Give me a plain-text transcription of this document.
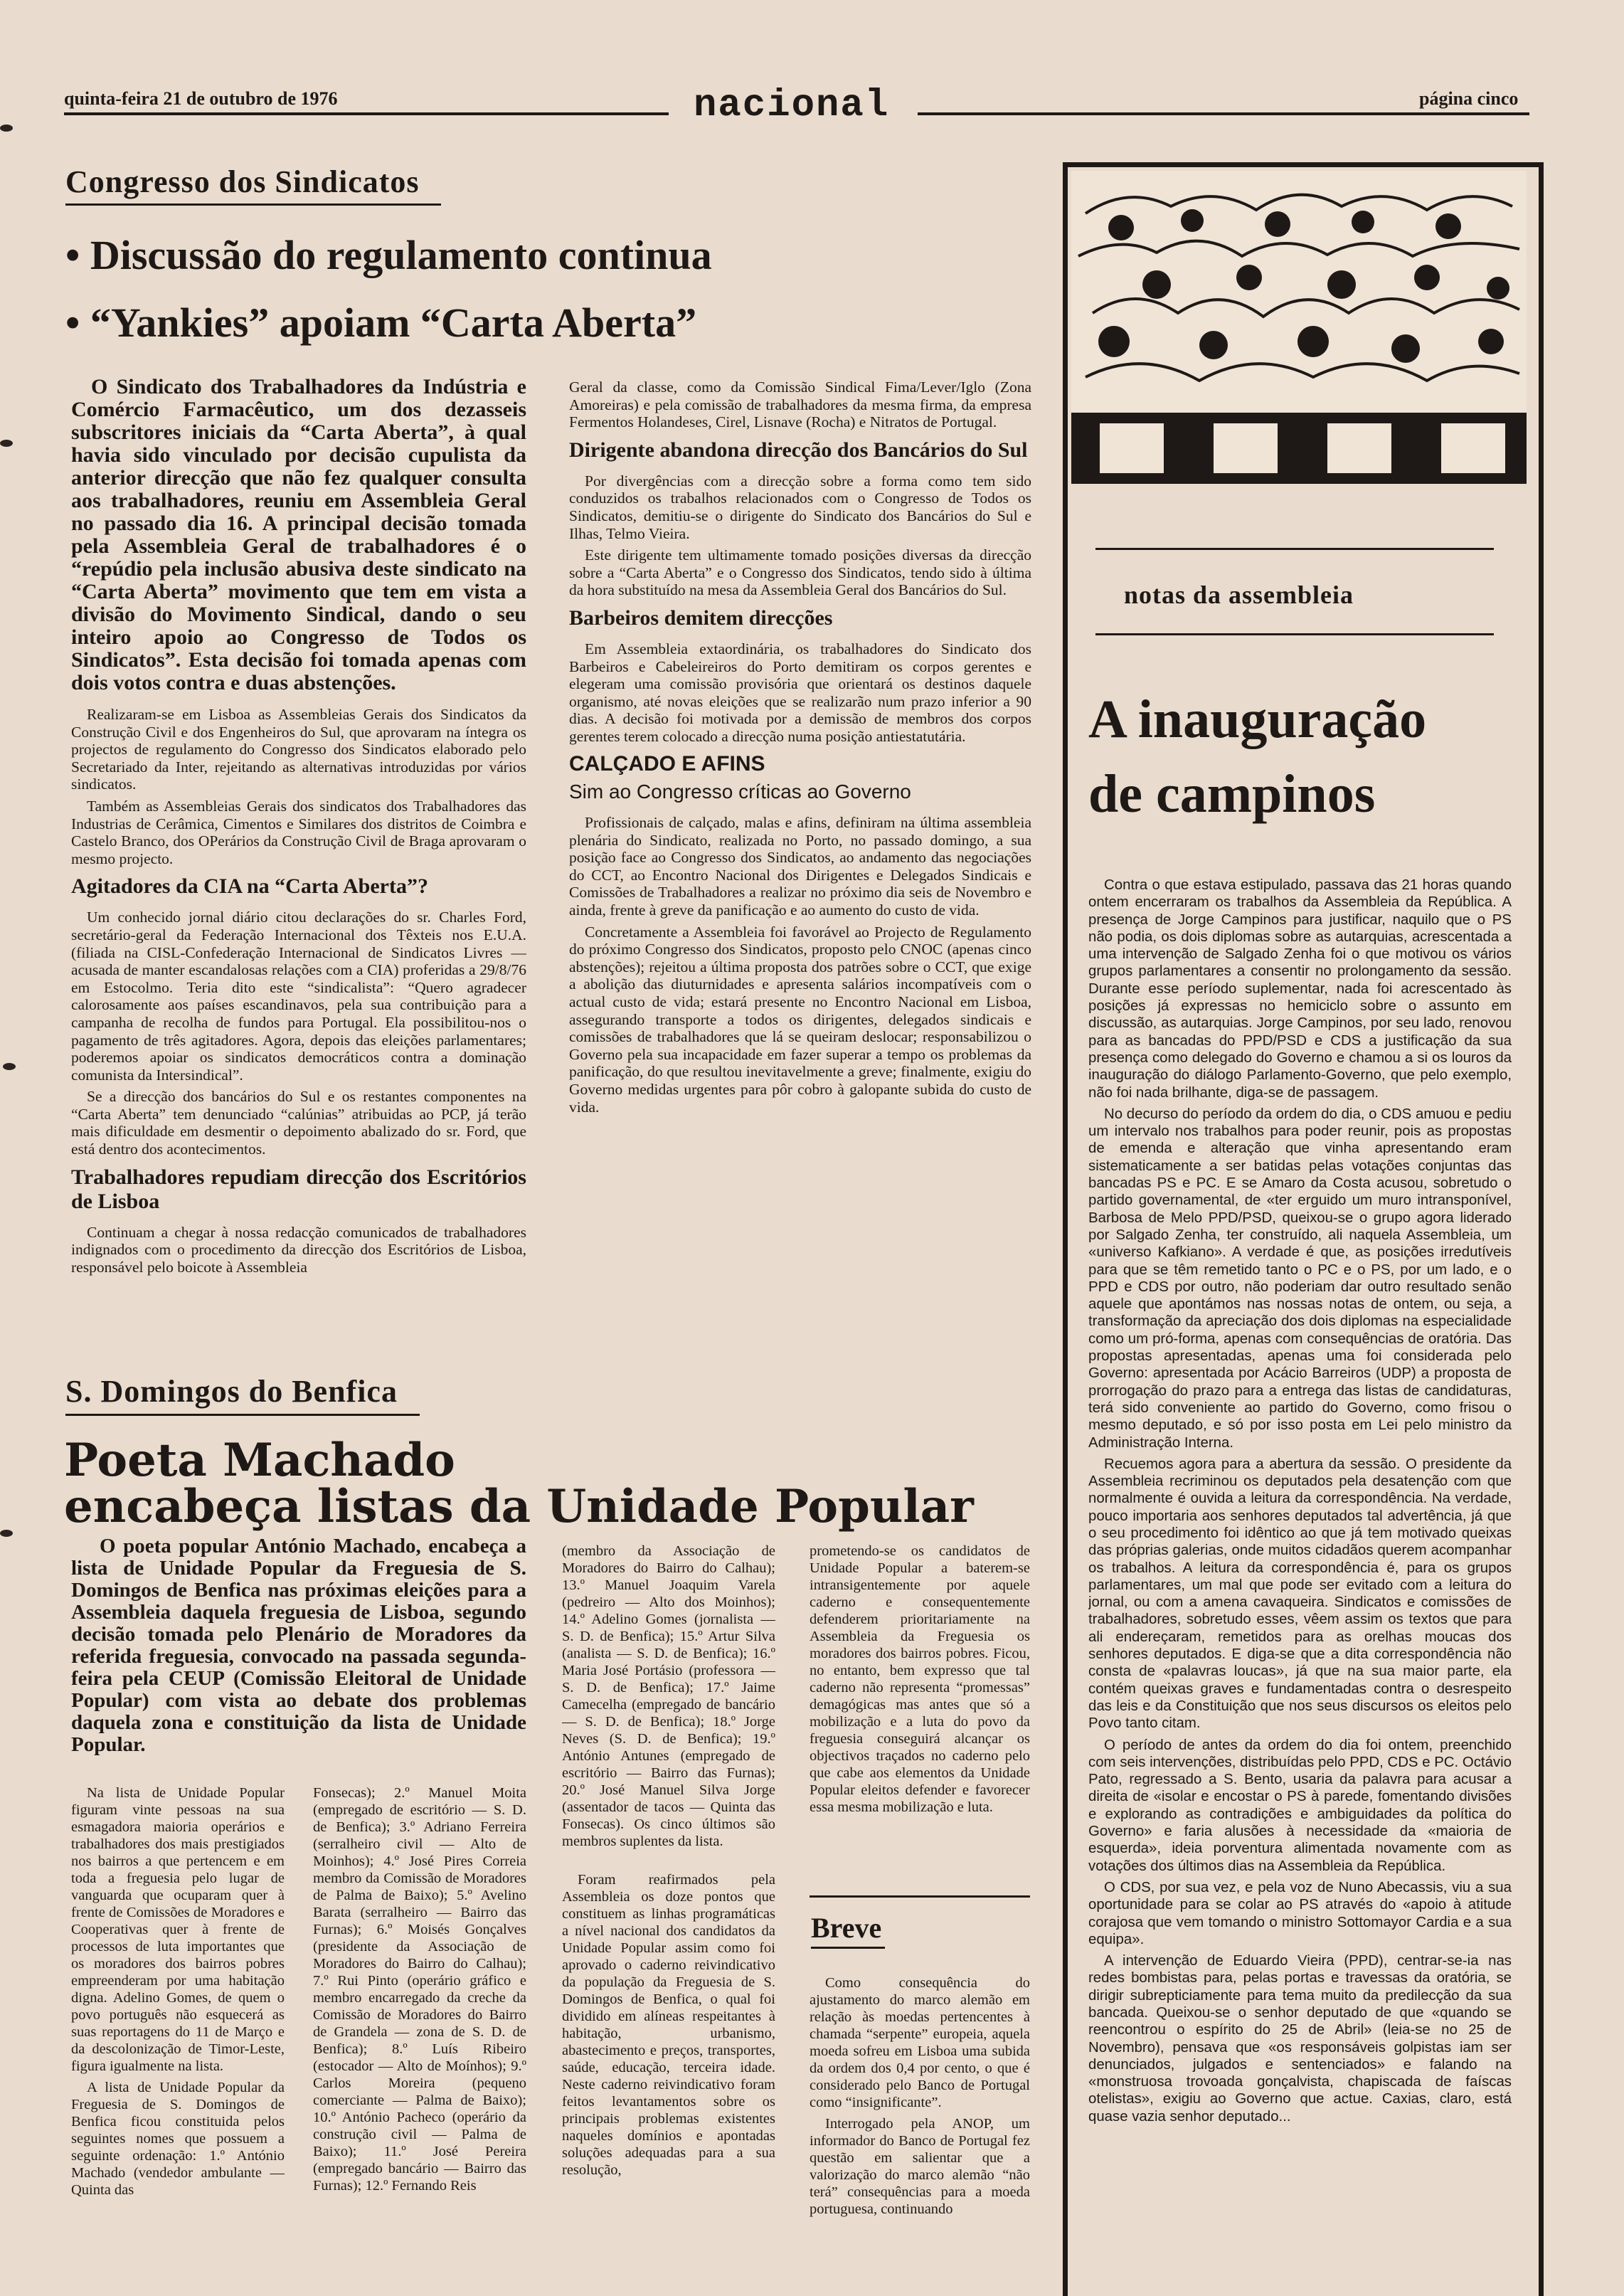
quinta-feira 21 de outubro de 1976	nacional	página cinco
Congresso dos Sindicatos
• Discussão do regulamento continua
• “Yankies” apoiam “Carta Aberta”
O Sindicato dos Trabalhadores da Indústria e Comércio Farmacêutico, um dos dezasseis subscritores iniciais da “Carta Aberta”, à qual havia sido vinculado por decisão cupulista da anterior direcção que não fez qualquer consulta aos trabalhadores, reuniu em Assembleia Geral no passado dia 16. A principal decisão tomada pela Assembleia Geral de trabalhadores é o “repúdio pela inclusão abusiva deste sindicato na “Carta Aberta” movimento que tem em vista a divisão do Movimento Sindical, dando o seu inteiro apoio ao Congresso de Todos os Sindicatos”. Esta decisão foi tomada apenas com dois votos contra e duas abstenções.

Realizaram-se em Lisboa as Assembleias Gerais dos Sindicatos da Construção Civil e dos Engenheiros do Sul, que aprovaram na íntegra os projectos de regulamento do Congresso dos Sindicatos elaborado pelo Secretariado da Inter, rejeitando as alternativas introduzidas por vários sindicatos.

Também as Assembleias Gerais dos sindicatos dos Trabalhadores das Industrias de Cerâmica, Cimentos e Similares dos distritos de Coimbra e Castelo Branco, dos OPerários da Construção Civil de Braga aprovaram o mesmo projecto.

Agitadores da CIA na “Carta Aberta”?

Um conhecido jornal diário citou declarações do sr. Charles Ford, secretário-geral da Federação Internacional dos Têxteis nos E.U.A. (filiada na CISL-Confederação Internacional de Sindicatos Livres — acusada de manter escandalosas relações com a CIA) proferidas a 29/8/76 em Estocolmo. Teria dito este “sindicalista”: “Quero agradecer calorosamente aos países escandinavos, pela sua contribuição para a campanha de recolha de fundos para Portugal. Ela possibilitou-nos o pagamento de três agitadores. Agora, depois das eleições parlamentares; poderemos apoiar os sindicatos democráticos contra a dominação comunista da Intersindical”.

Se a direcção dos bancários do Sul e os restantes componentes na “Carta Aberta” tem denunciado “calúnias” atribuidas ao PCP, já terão mais dificuldade em desmentir o depoimento abalizado do sr. Ford, que está dentro dos acontecimentos.

Trabalhadores repudiam direcção dos Escritórios de Lisboa

Continuam a chegar à nossa redacção comunicados de trabalhadores indignados com o procedimento da direcção dos Escritórios de Lisboa, responsável pelo boicote à Assembleia

Geral da classe, como da Comissão Sindical Fima/Lever/Iglo (Zona Amoreiras) e pela comissão de trabalhadores da mesma firma, da empresa Fermentos Holandeses, Cirel, Lisnave (Rocha) e Nitratos de Portugal.

Dirigente abandona direcção dos Bancários do Sul

Por divergências com a direcção sobre a forma como tem sido conduzidos os trabalhos relacionados com o Congresso de Todos os Sindicatos, demitiu-se o dirigente do Sindicato dos Bancários do Sul e Ilhas, Telmo Vieira.

Este dirigente tem ultimamente tomado posições diversas da direcção sobre a “Carta Aberta” e o Congresso dos Sindicatos, tendo sido à última da hora substituído na mesa da Assembleia Geral dos Bancários do Sul.

Barbeiros demitem direcções

Em Assembleia extaordinária, os trabalhadores do Sindicato dos Barbeiros e Cabeleireiros do Porto demitiram os corpos gerentes e elegeram uma comissão provisória que orientará os destinos daquele organismo, até novas eleições que se realizarão num prazo inferior a 90 dias. A decisão foi motivada por a demissão de membros dos corpos gerentes terem colocado a direcção numa posição antiestatutária.

CALÇADO E AFINS
Sim ao Congresso críticas ao Governo

Profissionais de calçado, malas e afins, definiram na última assembleia plenária do Sindicato, realizada no Porto, no passado domingo, a sua posição face ao Congresso dos Sindicatos, ao andamento das negociações do CCT, ao Encontro Nacional dos Dirigentes e Delegados Sindicais e Comissões de Trabalhadores a realizar no próximo dia seis de Novembro e ainda, frente à greve da panificação e ao aumento do custo de vida.

Concretamente a Assembleia foi favorável ao Projecto de Regulamento do próximo Congresso dos Sindicatos, proposto pelo CNOC (apenas cinco abstenções); rejeitou a última proposta dos patrões sobre o CCT, que exige a abolição das diuturnidades e apresenta salários incompatíveis com o actual custo de vida; estará presente no Encontro Nacional em Lisboa, assegurando transporte a todos os dirigentes, delegados sindicais e comissões de trabalhadores que lá se queiram deslocar; responsabilizou o Governo pela sua incapacidade em fazer superar a tempo os problemas da panificação, do que resultou inevitavelmente a greve; finalmente, exigiu do Governo medidas urgentes para pôr cobro à galopante subida do custo de vida.

S. Domingos do Benfica
Poeta Machado
encabeça listas da Unidade Popular
O poeta popular António Machado, encabeça a lista de Unidade Popular da Freguesia de S. Domingos de Benfica nas próximas eleições para a Assembleia daquela freguesia de Lisboa, segundo decisão tomada pelo Plenário de Moradores da referida freguesia, convocado na passada segunda-feira pela CEUP (Comissão Eleitoral de Unidade Popular) com vista ao debate dos problemas daquela zona e constituição da lista de Unidade Popular.

Na lista de Unidade Popular figuram vinte pessoas na sua esmagadora maioria operários e trabalhadores dos mais prestigiados nos bairros a que pertencem e em toda a freguesia pelo lugar de vanguarda que ocuparam quer à frente de Comissões de Moradores e Cooperativas quer à frente de processos de luta importantes que os moradores dos bairros pobres empreenderam por uma habitação digna. Adelino Gomes, de quem o povo português não esquecerá as suas reportagens do 11 de Março e da descolonização de Timor-Leste, figura igualmente na lista.

A lista de Unidade Popular da Freguesia de S. Domingos de Benfica ficou constituida pelos seguintes nomes que possuem a seguinte ordenação: 1.º António Machado (vendedor ambulante — Quinta das

Fonsecas); 2.º Manuel Moita (empregado de escritório — S. D. de Benfica); 3.º Adriano Ferreira (serralheiro civil — Alto de Moinhos); 4.º José Pires Correia membro da Comissão de Moradores de Palma de Baixo); 5.º Avelino Barata (serralheiro — Bairro das Furnas); 6.º Moisés Gonçalves (presidente da Associação de Moradores do Bairro do Calhau); 7.º Rui Pinto (operário gráfico e membro encarregado da creche da Comissão de Moradores do Bairro de Grandela — zona de S. D. de Benfica); 8.º Luís Ribeiro (estocador — Alto de Moínhos); 9.º Carlos Moreira (pequeno comerciante — Palma de Baixo); 10.º António Pacheco (operário da construção civil — Palma de Baixo); 11.º José Pereira (empregado bancário — Bairro das Furnas); 12.º Fernando Reis

(membro da Associação de Moradores do Bairro do Calhau); 13.º Manuel Joaquim Varela (pedreiro — Alto dos Moinhos); 14.º Adelino Gomes (jornalista — S. D. de Benfica); 15.º Artur Silva (analista — S. D. de Benfica); 16.º Maria José Portásio (professora — S. D. de Benfica); 17.º Jaime Camecelha (empregado de bancário — S. D. de Benfica); 18.º Jorge Neves (S. D. de Benfica); 19.º António Antunes (empregado de escritório — Bairro das Furnas); 20.º José Manuel Silva Jorge (assentador de tacos — Quinta das Fonsecas). Os cinco últimos são membros suplentes da lista.

Foram reafirmados pela Assembleia os doze pontos que constituem as linhas programáticas a nível nacional dos candidatos da Unidade Popular assim como foi aprovado o caderno reivindicativo da população da Freguesia de S. Domingos de Benfica, o qual foi dividido em alíneas respeitantes à habitação, urbanismo, abastecimento e preços, transportes, saúde, educação, terceira idade. Neste caderno reivindicativo foram feitos levantamentos sobre os principais problemas existentes naqueles domínios e apontadas soluções adequadas para a sua resolução,

prometendo-se os candidatos de Unidade Popular a baterem-se intransigentemente por aquele caderno e consequentemente defenderem prioritariamente na Assembleia da Freguesia os moradores dos bairros pobres. Ficou, no entanto, bem expresso que tal caderno não representa “promessas” demagógicas mas antes que só a mobilização e a luta do povo da freguesia conseguirá alcançar os objectivos traçados no caderno pelo que cabe aos elementos da Unidade Popular eleitos defender e favorecer essa mesma mobilização e luta.

Breve

Como consequência do ajustamento do marco alemão em relação às moedas pertencentes à chamada “serpente” europeia, aquela moeda sofreu em Lisboa uma subida da ordem dos 0,4 por cento, o que é considerado pelo Banco de Portugal como “insignificante”.

Interrogado pela ANOP, um informador do Banco de Portugal fez questão em salientar que a valorização do marco alemão “não terá” consequências para a moeda portuguesa, continuando

notas da assembleia
A inauguração
de campinos

Contra o que estava estipulado, passava das 21 horas quando ontem encerraram os trabalhos da Assembleia da República. A presença de Jorge Campinos para justificar, naquilo que o PS não podia, os dois diplomas sobre as autarquias, acrescentada a uma intervenção de Salgado Zenha foi o que motivou os vários grupos parlamentares a consentir no prolongamento da sessão. Durante esse período suplementar, nada foi acrescentado às posições já expressas no hemiciclo sobre o assunto em discussão, as autarquias. Jorge Campinos, por seu lado, renovou para as bancadas do PPD/PSD e CDS a justificação da sua presença como delegado do Governo e chamou a si os louros da inauguração do diálogo Parlamento-Governo, que pelo exemplo, não foi nada brilhante, diga-se de passagem.

No decurso do período da ordem do dia, o CDS amuou e pediu um intervalo nos trabalhos para poder reunir, pois as propostas de emenda e alteração que vinha apresentando eram sistematicamente a ser batidas pelas votações conjuntas das bancadas PS e PC. E se Amaro da Costa acusou, sobretudo o partido governamental, de «ter erguido um muro intransponível, Barbosa de Melo PPD/PSD, queixou-se o grupo agora liderado por Salgado Zenha, ter construído, ali naquela Assembleia, um «universo Kafkiano». A verdade é que, as posições irredutíveis para que se têm remetido tanto o PC e o PS, por um lado, e o PPD e CDS por outro, não poderiam dar outro resultado senão aquele que apontámos nas nossas notas de ontem, ou seja, a transformação da apreciação dos dois diplomas na especialidade como um pró-forma, apenas com consequências de oratória. Das propostas apresentadas, apenas uma foi considerada pelo Governo: apresentada por Acácio Barreiros (UDP) a proposta de prorrogação do prazo para a entrega das listas de candidaturas, terá sido conveniente ao partido do Governo, como frisou o mesmo deputado, e só por isso posta em Lei pelo ministro da Administração Interna.

Recuemos agora para a abertura da sessão. O presidente da Assembleia recriminou os deputados pela desatenção com que normalmente é ouvida a leitura da correspondência. Na verdade, pouco importaria aos senhores deputados tal advertência, já que o seu procedimento foi idêntico ao que já tem motivado queixas das próprias galerias, onde muitos cidadãos querem acompanhar os trabalhos. A leitura da correspondência é, para os grupos parlamentares, um mal que pode ser evitado com a leitura do jornal, ou com a amena cavaqueira. Sindicatos e comissões de trabalhadores, sobretudo esses, vêem assim os textos que para ali endereçaram, remetidos para as orelhas moucas dos senhores deputados. E diga-se que a dita correspondência não consta de «palavras loucas», já que na sua maior parte, ela contém queixas graves e fundamentadas contra o desrespeito das leis e da Constituição que nos seus discursos os eleitos pelo Povo tanto citam.

O período de antes da ordem do dia foi ontem, preenchido com seis intervenções, distribuídas pelo PPD, CDS e PC. Octávio Pato, regressado a S. Bento, usaria da palavra para acusar a direita de «isolar e encostar o PS à parede, fomentando divisões e explorando as contradições e ambiguidades da política do Governo» e faria alusões à necessidade da «maioria de esquerda», ideia porventura alimentada novamente com as votações dos últimos dias na Assembleia da República.

O CDS, por sua vez, e pela voz de Nuno Abecassis, viu a sua oportunidade para se colar ao PS através do «apoio à atitude corajosa que vem tomando o ministro Sottomayor Cardia e a sua equipa».

A intervenção de Eduardo Vieira (PPD), centrar-se-ia nas redes bombistas para, pelas portas e travessas da oratória, se dirigir subrepticiamente para tema muito da predilecção da sua bancada. Queixou-se o senhor deputado de que «quando se reencontrou o espírito do 25 de Abril» (leia-se no 25 de Novembro), pensava que «os responsáveis golpistas iam ser denunciados, julgados e sentenciados» e falando na «monstruosa trovoada gonçalvista, chapiscada de faíscas otelistas», exigiu ao Governo que actue. Caxias, claro, está quase vazia senhor deputado...
